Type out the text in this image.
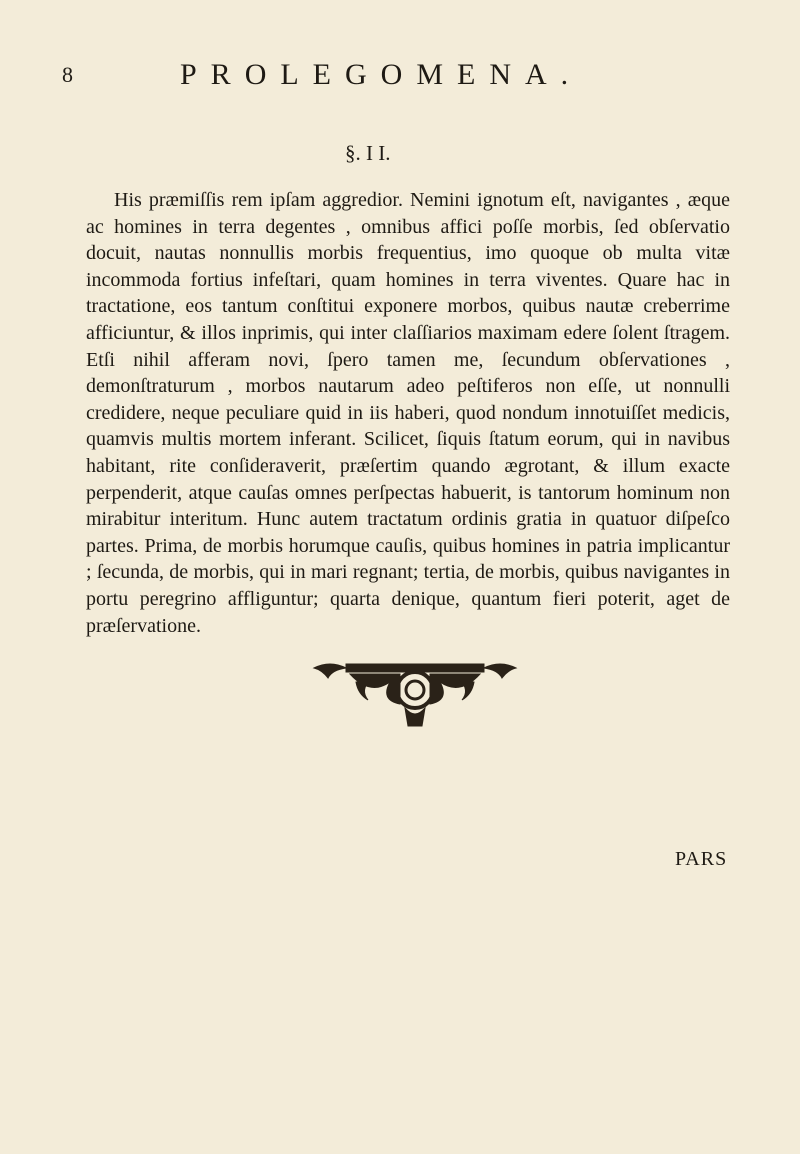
8	PROLEGOMENA.
§. I I.

His præmiſſis rem ipſam aggredior. Nemini ignotum eſt, navigantes , æque ac homines in terra degentes , omnibus affici poſſe morbis, ſed obſervatio docuit, nautas nonnullis morbis frequentius, imo quoque ob multa vitæ incommoda fortius infeſtari, quam homines in terra viventes. Quare hac in tractatione, eos tantum conſtitui exponere morbos, quibus nautæ creberrime afficiuntur, & illos inprimis, qui inter claſſiarios maximam edere ſolent ſtragem. Etſi nihil afferam novi, ſpero tamen me, ſecundum obſervationes , demonſtraturum , morbos nautarum adeo peſtiferos non eſſe, ut nonnulli credidere, neque peculiare quid in iis haberi, quod nondum innotuiſſet medicis, quamvis multis mortem inferant. Scilicet, ſiquis ſtatum eorum, qui in navibus habitant, rite conſideraverit, præſertim quando ægrotant, & illum exacte perpenderit, atque cauſas omnes perſpectas habuerit, is tantorum hominum non mirabitur interitum. Hunc autem tractatum ordinis gratia in quatuor diſpeſco partes. Prima, de morbis horumque cauſis, quibus homines in patria implicantur ; ſecunda, de morbis, qui in mari regnant; tertia, de morbis, quibus navigantes in portu peregrino affliguntur; quarta denique, quantum fieri poterit, aget de præſervatione.

PARS
